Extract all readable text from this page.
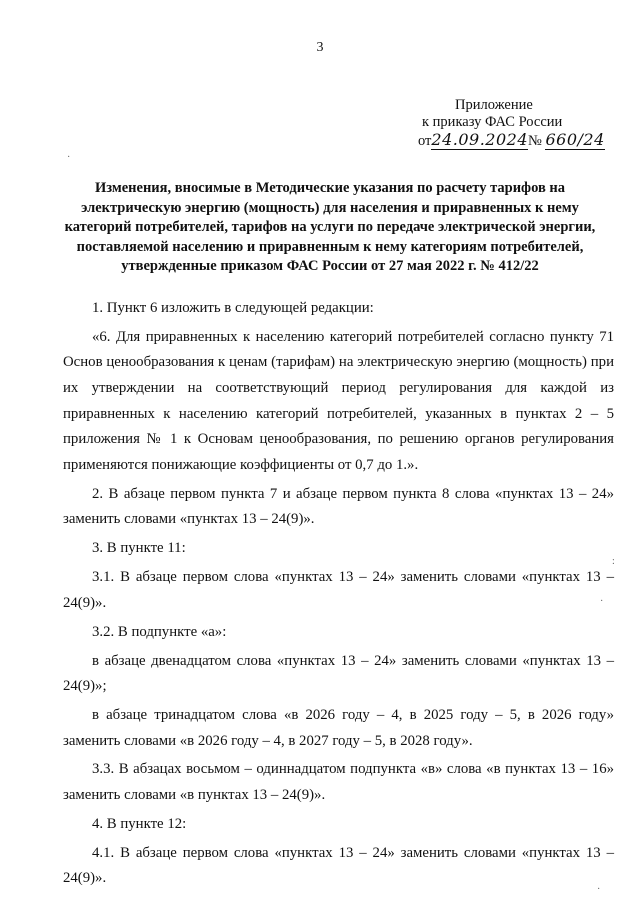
3
Приложение
к приказу ФАС России
от24.09.2024№ 660/24
Изменения, вносимые в Методические указания по расчету тарифов на электрическую энергию (мощность) для населения и приравненных к нему категорий потребителей, тарифов на услуги по передаче электрической энергии, поставляемой населению и приравненным к нему категориям потребителей, утвержденные приказом ФАС России от 27 мая 2022 г. № 412/22

1. Пункт 6 изложить в следующей редакции:

«6. Для приравненных к населению категорий потребителей согласно пункту 71 Основ ценообразования к ценам (тарифам) на электрическую энергию (мощность) при их утверждении на соответствующий период регулирования для каждой из приравненных к населению категорий потребителей, указанных в пунктах 2 – 5 приложения № 1 к Основам ценообразования, по решению органов регулирования применяются понижающие коэффициенты от 0,7 до 1.».

2. В абзаце первом пункта 7 и абзаце первом пункта 8 слова «пунктах 13 – 24» заменить словами «пунктах 13 – 24(9)».

3. В пункте 11:

3.1. В абзаце первом слова «пунктах 13 – 24» заменить словами «пунктах 13 – 24(9)».

3.2. В подпункте «а»:

в абзаце двенадцатом слова «пунктах 13 – 24» заменить словами «пунктах 13 – 24(9)»;

в абзаце тринадцатом слова «в 2026 году – 4, в 2025 году – 5, в 2026 году» заменить словами «в 2026 году – 4, в 2027 году – 5, в 2028 году».

3.3. В абзацах восьмом – одиннадцатом подпункта «в» слова «в пунктах 13 – 16» заменить словами «в пунктах 13 – 24(9)».

4. В пункте 12:

4.1. В абзаце первом слова «пунктах 13 – 24» заменить словами «пунктах 13 – 24(9)».

·
:
·
·
